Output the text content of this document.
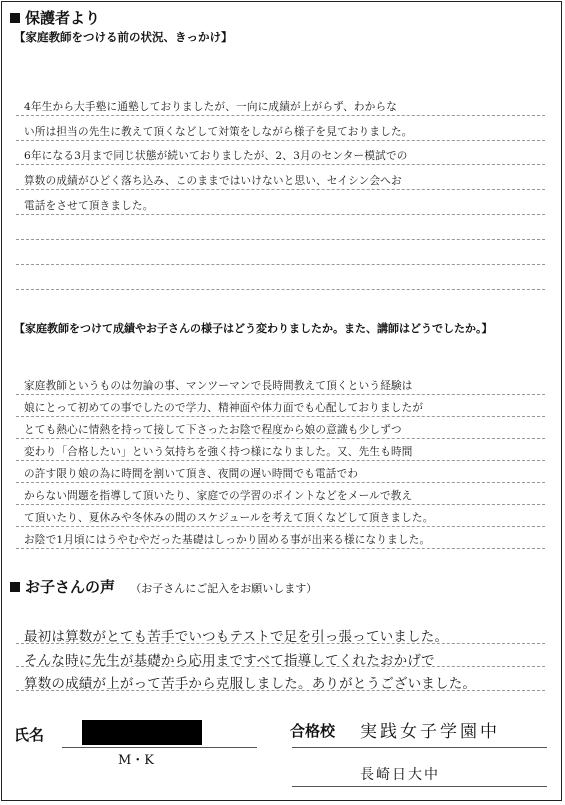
保護者より
【家庭教師をつける前の状況、きっかけ】
4年生から大手塾に通塾しておりましたが、一向に成績が上がらず、わからな
い所は担当の先生に教えて頂くなどして対策をしながら様子を見ておりました。
6年になる3月まで同じ状態が続いておりましたが、2、3月のセンター模試での
算数の成績がひどく落ち込み、このままではいけないと思い、セイシン会へお
電話をさせて頂きました。
【家庭教師をつけて成績やお子さんの様子はどう変わりましたか。また、講師はどうでしたか。】
家庭教師というものは勿論の事、マンツーマンで長時間教えて頂くという経験は
娘にとって初めての事でしたので学力、精神面や体力面でも心配しておりましたが
とても熱心に情熱を持って接して下さったお陰で程度から娘の意識も少しずつ
変わり「合格したい」という気持ちを強く持つ様になりました。又、先生も時間
の許す限り娘の為に時間を割いて頂き、夜間の遅い時間でも電話でわ
からない問題を指導して頂いたり、家庭での学習のポイントなどをメールで教え
て頂いたり、夏休みや冬休みの間のスケジュールを考えて頂くなどして頂きました。
お陰で1月頃にはうやむやだった基礎はしっかり固める事が出来る様になりました。
お子さんの声 （お子さんにご記入をお願いします）
最初は算数がとても苦手でいつもテストで足を引っ張っていました。
そんな時に先生が基礎から応用まですべて指導してくれたおかげで
算数の成績が上がって苦手から克服しました。ありがとうございました。
氏名
M・K
合格校 実践女子学園中
長崎日大中
